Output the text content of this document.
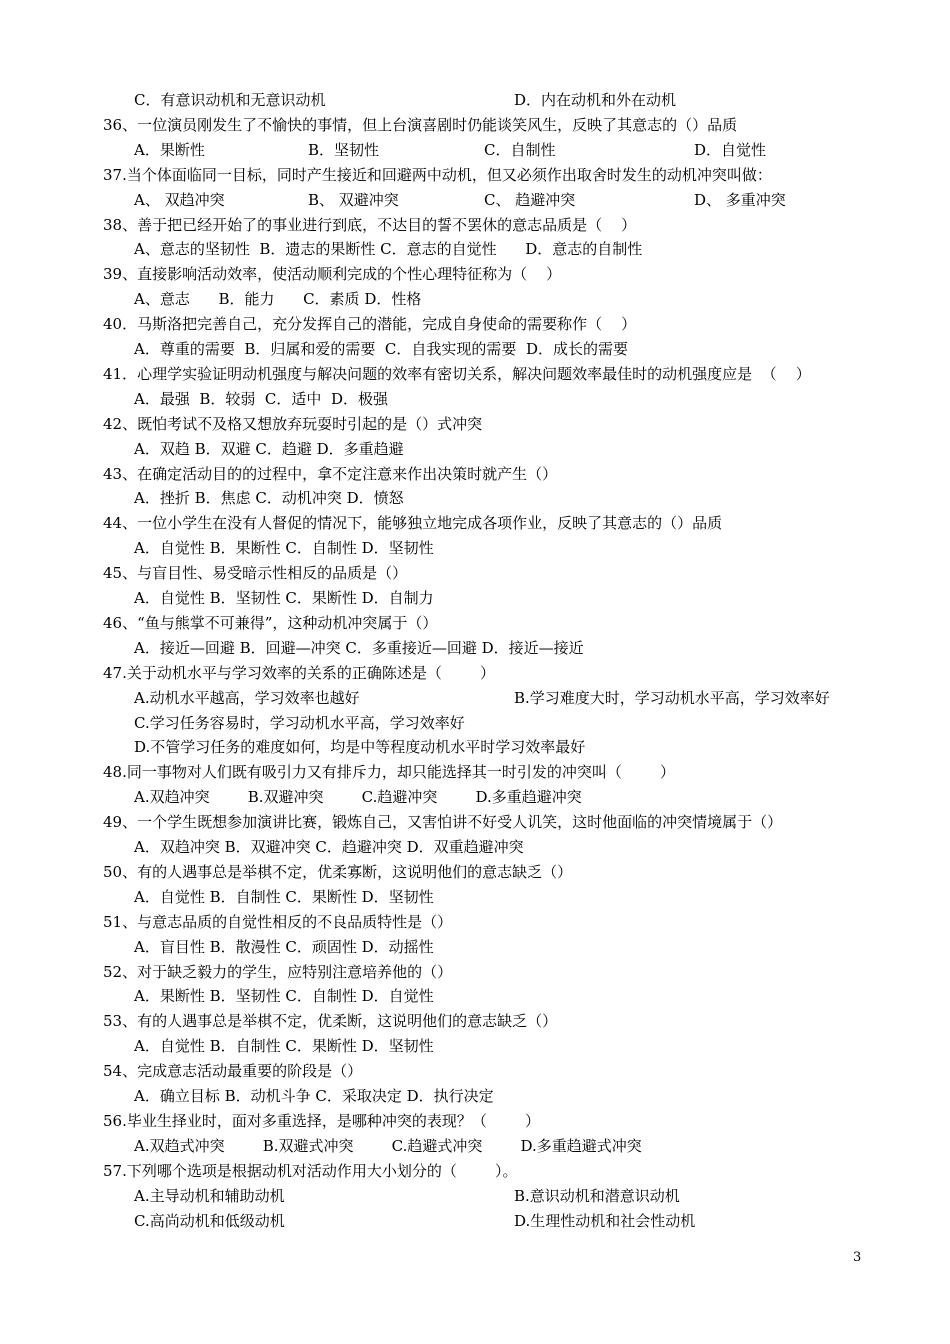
C．有意识动机和无意识动机	D．内在动机和外在动机
36、一位演员刚发生了不愉快的事情，但上台演喜剧时仍能谈笑风生，反映了其意志的（）品质
A．果断性	B．坚韧性	C．自制性	D．自觉性
37.当个体面临同一目标，同时产生接近和回避两中动机，但又必须作出取舍时发生的动机冲突叫做：
A、 双趋冲突	B、 双避冲突	C、 趋避冲突	D、 多重冲突
38、善于把已经开始了的事业进行到底，不达目的誓不罢休的意志品质是（    ）
A、意志的坚韧性  B．遗志的果断性 C．意志的自觉性      D．意志的自制性
39、直接影响活动效率，使活动顺利完成的个性心理特征称为（    ）
A、意志      B．能力      C．素质 D．性格
40．马斯洛把完善自己，充分发挥自己的潜能，完成自身使命的需要称作（    ）
A．尊重的需要  B．归属和爱的需要  C．自我实现的需要  D．成长的需要
41．心理学实验证明动机强度与解决问题的效率有密切关系，解决问题效率最佳时的动机强度应是  （    ）
A．最强  B．较弱  C．适中  D．极强
42、既怕考试不及格又想放弃玩耍时引起的是（）式冲突
A．双趋 B．双避 C．趋避 D．多重趋避
43、在确定活动目的的过程中，拿不定注意来作出决策时就产生（）
A．挫折 B．焦虑 C．动机冲突 D．愤怒
44、一位小学生在没有人督促的情况下，能够独立地完成各项作业，反映了其意志的（）品质
A．自觉性 B．果断性 C．自制性 D．坚韧性
45、与盲目性、易受暗示性相反的品质是（）
A．自觉性 B．坚韧性 C．果断性 D．自制力
46、“鱼与熊掌不可兼得”，这种动机冲突属于（）
A．接近—回避 B．回避—冲突 C．多重接近—回避 D．接近—接近
47.关于动机水平与学习效率的关系的正确陈述是（        ）
A.动机水平越高，学习效率也越好	B.学习难度大时，学习动机水平高，学习效率好
C.学习任务容易时，学习动机水平高，学习效率好
D.不管学习任务的难度如何，均是中等程度动机水平时学习效率最好
48.同一事物对人们既有吸引力又有排斥力，却只能选择其一时引发的冲突叫（        ）
A.双趋冲突        B.双避冲突        C.趋避冲突        D.多重趋避冲突
49、一个学生既想参加演讲比赛，锻炼自己，又害怕讲不好受人讥笑，这时他面临的冲突情境属于（）
A．双趋冲突 B．双避冲突 C．趋避冲突 D．双重趋避冲突
50、有的人遇事总是举棋不定，优柔寡断，这说明他们的意志缺乏（）
A．自觉性 B．自制性 C．果断性 D．坚韧性
51、与意志品质的自觉性相反的不良品质特性是（）
A．盲目性 B．散漫性 C．顽固性 D．动摇性
52、对于缺乏毅力的学生，应特别注意培养他的（）
A．果断性 B．坚韧性 C．自制性 D．自觉性
53、有的人遇事总是举棋不定，优柔断，这说明他们的意志缺乏（）
A．自觉性 B．自制性 C．果断性 D．坚韧性
54、完成意志活动最重要的阶段是（）
A．确立目标 B．动机斗争 C．采取决定 D．执行决定
56.毕业生择业时，面对多重选择，是哪种冲突的表现？（        ）
A.双趋式冲突        B.双避式冲突        C.趋避式冲突        D.多重趋避式冲突
57.下列哪个选项是根据动机对活动作用大小划分的（        ）。
A.主导动机和辅助动机	B.意识动机和潜意识动机
C.高尚动机和低级动机	D.生理性动机和社会性动机
3
